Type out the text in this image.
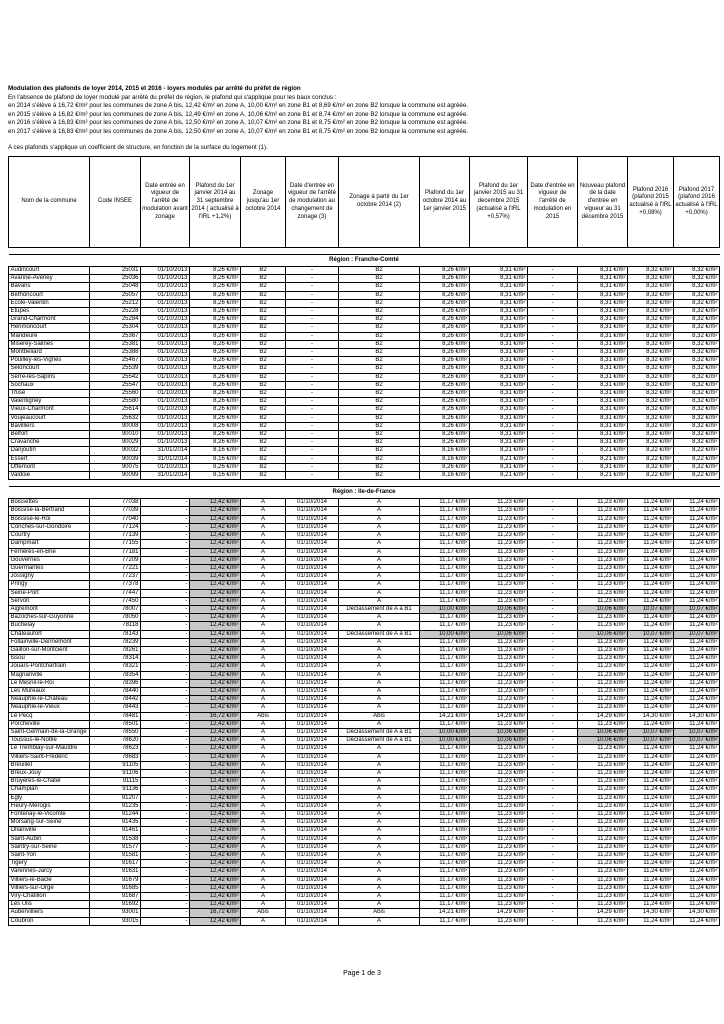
Modulation des plafonds de loyer 2014, 2015 et 2016 - loyers modulés par arrêté du préfet de région
En l'absence de plafond de loyer modulé par arrêté du préfet de région, le plafond qui s'applique pour les baux conclus :
en 2014 s'élève à 16,72 €/m² pour les communes de zone A bis, 12,42 €/m² en zone A, 10,00 €/m² en zone B1 et 8,69 €/m² en zone B2 lorsque la commune est agréée.
en 2015 s'élève à 16,82 €/m² pour les communes de zone A bis, 12,49 €/m² en zone A, 10,06 €/m² en zone B1 et 8,74 €/m² en zone B2 lorsque la commune est agréée.
en 2016 s'élève à 16,83 €/m² pour les communes de zone A bis, 12,50 €/m² en zone A, 10,07 €/m² en zone B1 et 8,75 €/m² en zone B2 lorsque la commune est agréée.
en 2017 s'élève à 16,83 €/m² pour les communes de zone A bis, 12,50 €/m² en zone A, 10,07 €/m² en zone B1 et 8,75 €/m² en zone B2 lorsque la commune est agréée.
A ces plafonds s'applique un coefficient de structure, en fonction de la surface du logement (1).
Nom de la commune	Code INSEE	Date entrée en vigueur de l'arrêté de modulation avant zonage	Plafond du 1er janvier 2014 au 31 septembre 2014 ( actualisé à l'IRL +1,2%)	Zonage jusqu'au 1er octobre 2014	Date d'entrée en vigueur de l'arrêté de modulation au changement de zonage (3)	Zonage à partir du 1er octobre 2014 (2)	Plafond du 1er octobre 2014 au 1er janvier 2015	Plafond du 1er janvier 2015 au 31 decembre 2015 (actualisé à l'IRL +0,57%)	Date d'entrée en vigueur de l'arrêté de modulation en 2015	Nouveau plafond de la date d'entrée en vigueur au 31 décembre 2015	Plafond 2016 (plafond 2015 actualisé à l'IRL +0,08%)	Plafond 2017 (plafond 2016 actualisé à l'IRL +0,00%)

Région : Franche-Comté												
Audincourt	25031	01/10/2013	8,26 €/m²	B2	-	B2	8,26 €/m²	8,31 €/m²	-	8,31 €/m²	8,32 €/m²	8,32 €/m²
Avanne-Aveney	25036	01/10/2013	8,26 €/m²	B2	-	B2	8,26 €/m²	8,31 €/m²	-	8,31 €/m²	8,32 €/m²	8,32 €/m²
Bavans	25048	01/10/2013	8,26 €/m²	B2	-	B2	8,26 €/m²	8,31 €/m²	-	8,31 €/m²	8,32 €/m²	8,32 €/m²
Bethoncourt	25057	01/10/2013	8,26 €/m²	B2	-	B2	8,26 €/m²	8,31 €/m²	-	8,31 €/m²	8,32 €/m²	8,32 €/m²
École-Valentin	25212	01/10/2013	8,26 €/m²	B2	-	B2	8,26 €/m²	8,31 €/m²	-	8,31 €/m²	8,32 €/m²	8,32 €/m²
Étupes	25228	01/10/2013	8,26 €/m²	B2	-	B2	8,26 €/m²	8,31 €/m²	-	8,31 €/m²	8,32 €/m²	8,32 €/m²
Grand-Charmont	25284	01/10/2013	8,26 €/m²	B2	-	B2	8,26 €/m²	8,31 €/m²	-	8,31 €/m²	8,32 €/m²	8,32 €/m²
Hérimoncourt	25304	01/10/2013	8,26 €/m²	B2	-	B2	8,26 €/m²	8,31 €/m²	-	8,31 €/m²	8,32 €/m²	8,32 €/m²
Mandeure	25367	01/10/2013	8,26 €/m²	B2	-	B2	8,26 €/m²	8,31 €/m²	-	8,31 €/m²	8,32 €/m²	8,32 €/m²
Miserey-Salines	25381	01/10/2013	8,26 €/m²	B2	-	B2	8,26 €/m²	8,31 €/m²	-	8,31 €/m²	8,32 €/m²	8,32 €/m²
Montbéliard	25388	01/10/2013	8,26 €/m²	B2	-	B2	8,26 €/m²	8,31 €/m²	-	8,31 €/m²	8,32 €/m²	8,32 €/m²
Pouilley-les-Vignes	25467	01/10/2013	8,26 €/m²	B2	-	B2	8,26 €/m²	8,31 €/m²	-	8,31 €/m²	8,32 €/m²	8,32 €/m²
Seloncourt	25539	01/10/2013	8,26 €/m²	B2	-	B2	8,26 €/m²	8,31 €/m²	-	8,31 €/m²	8,32 €/m²	8,32 €/m²
Serre-les-Sapins	25542	01/10/2013	8,26 €/m²	B2	-	B2	8,26 €/m²	8,31 €/m²	-	8,31 €/m²	8,32 €/m²	8,32 €/m²
Sochaux	25547	01/10/2013	8,26 €/m²	B2	-	B2	8,26 €/m²	8,31 €/m²	-	8,31 €/m²	8,32 €/m²	8,32 €/m²
Thise	25560	01/10/2013	8,26 €/m²	B2	-	B2	8,26 €/m²	8,31 €/m²	-	8,31 €/m²	8,32 €/m²	8,32 €/m²
Valentigney	25580	01/10/2013	8,26 €/m²	B2	-	B2	8,26 €/m²	8,31 €/m²	-	8,31 €/m²	8,32 €/m²	8,32 €/m²
Vieux-Charmont	25614	01/10/2013	8,26 €/m²	B2	-	B2	8,26 €/m²	8,31 €/m²	-	8,31 €/m²	8,32 €/m²	8,32 €/m²
Voujeaucourt	25632	01/10/2013	8,26 €/m²	B2	-	B2	8,26 €/m²	8,31 €/m²	-	8,31 €/m²	8,32 €/m²	8,32 €/m²
Bavilliers	90008	01/10/2013	8,26 €/m²	B2	-	B2	8,26 €/m²	8,31 €/m²	-	8,31 €/m²	8,32 €/m²	8,32 €/m²
Belfort	90010	01/10/2013	8,26 €/m²	B2	-	B2	8,26 €/m²	8,31 €/m²	-	8,31 €/m²	8,32 €/m²	8,32 €/m²
Cravanche	90029	01/10/2013	8,26 €/m²	B2	-	B2	8,26 €/m²	8,31 €/m²	-	8,31 €/m²	8,32 €/m²	8,32 €/m²
Danjoutin	90032	31/01/2014	8,16 €/m²	B2	-	B2	8,16 €/m²	8,21 €/m²	-	8,21 €/m²	8,22 €/m²	8,22 €/m²
Essert	90039	31/01/2014	8,16 €/m²	B2	-	B2	8,16 €/m²	8,21 €/m²	-	8,21 €/m²	8,22 €/m²	8,22 €/m²
Offemont	90075	01/10/2013	8,26 €/m²	B2	-	B2	8,26 €/m²	8,31 €/m²	-	8,31 €/m²	8,32 €/m²	8,32 €/m²
Valdoie	90099	31/01/2014	8,16 €/m²	B2	-	B2	8,16 €/m²	8,21 €/m²	-	8,21 €/m²	8,22 €/m²	8,22 €/m²

Région : Ile-de-France												
Boissettes	77038	-	12,42 €/m²	A	01/10/2014	A	11,17 €/m²	11,23 €/m²	-	11,23 €/m²	11,24 €/m²	11,24 €/m²
Boissise-la-Bertrand	77039	-	12,42 €/m²	A	01/10/2014	A	11,17 €/m²	11,23 €/m²	-	11,23 €/m²	11,24 €/m²	11,24 €/m²
Boissise-le-Roi	77040	-	12,42 €/m²	A	01/10/2014	A	11,17 €/m²	11,23 €/m²	-	11,23 €/m²	11,24 €/m²	11,24 €/m²
Conches-sur-Gondoire	77124	-	12,42 €/m²	A	01/10/2014	A	11,17 €/m²	11,23 €/m²	-	11,23 €/m²	11,24 €/m²	11,24 €/m²
Courtry	77139	-	12,42 €/m²	A	01/10/2014	A	11,17 €/m²	11,23 €/m²	-	11,23 €/m²	11,24 €/m²	11,24 €/m²
Dampmart	77155	-	12,42 €/m²	A	01/10/2014	A	11,17 €/m²	11,23 €/m²	-	11,23 €/m²	11,24 €/m²	11,24 €/m²
Ferrières-en-Brie	77181	-	12,42 €/m²	A	01/10/2014	A	11,17 €/m²	11,23 €/m²	-	11,23 €/m²	11,24 €/m²	11,24 €/m²
Gouvernes	77209	-	12,42 €/m²	A	01/10/2014	A	11,17 €/m²	11,23 €/m²	-	11,23 €/m²	11,24 €/m²	11,24 €/m²
Guermantes	77221	-	12,42 €/m²	A	01/10/2014	A	11,17 €/m²	11,23 €/m²	-	11,23 €/m²	11,24 €/m²	11,24 €/m²
Jossigny	77237	-	12,42 €/m²	A	01/10/2014	A	11,17 €/m²	11,23 €/m²	-	11,23 €/m²	11,24 €/m²	11,24 €/m²
Pringy	77378	-	12,42 €/m²	A	01/10/2014	A	11,17 €/m²	11,23 €/m²	-	11,23 €/m²	11,24 €/m²	11,24 €/m²
Seine-Port	77447	-	12,42 €/m²	A	01/10/2014	A	11,17 €/m²	11,23 €/m²	-	11,23 €/m²	11,24 €/m²	11,24 €/m²
Servon	77450	-	12,42 €/m²	A	01/10/2014	A	11,17 €/m²	11,23 €/m²	-	11,23 €/m²	11,24 €/m²	11,24 €/m²
Aigremont	78007	-	12,42 €/m²	A	01/10/2014	Déclassement de A à B1	10,00 €/m²	10,06 €/m²	-	10,06 €/m²	10,07 €/m²	10,07 €/m²
Bazoches-sur-Guyonne	78050	-	12,42 €/m²	A	01/10/2014	A	11,17 €/m²	11,23 €/m²	-	11,23 €/m²	11,24 €/m²	11,24 €/m²
Buchelay	78118	-	12,42 €/m²	A	01/10/2014	A	11,17 €/m²	11,23 €/m²	-	11,23 €/m²	11,24 €/m²	11,24 €/m²
Châteaufort	78143	-	12,42 €/m²	A	01/10/2014	Déclassement de A à B1	10,00 €/m²	10,06 €/m²	-	10,06 €/m²	10,07 €/m²	10,07 €/m²
Follainville-Dennemont	78239	-	12,42 €/m²	A	01/10/2014	A	11,17 €/m²	11,23 €/m²	-	11,23 €/m²	11,24 €/m²	11,24 €/m²
Gaillon-sur-Montcient	78261	-	12,42 €/m²	A	01/10/2014	A	11,17 €/m²	11,23 €/m²	-	11,23 €/m²	11,24 €/m²	11,24 €/m²
Issou	78314	-	12,42 €/m²	A	01/10/2014	A	11,17 €/m²	11,23 €/m²	-	11,23 €/m²	11,24 €/m²	11,24 €/m²
Jouars-Pontchartrain	78321	-	12,42 €/m²	A	01/10/2014	A	11,17 €/m²	11,23 €/m²	-	11,23 €/m²	11,24 €/m²	11,24 €/m²
Magnanville	78354	-	12,42 €/m²	A	01/10/2014	A	11,17 €/m²	11,23 €/m²	-	11,23 €/m²	11,24 €/m²	11,24 €/m²
Le Mesnil-le-Roi	78396	-	12,42 €/m²	A	01/10/2014	A	11,17 €/m²	11,23 €/m²	-	11,23 €/m²	11,24 €/m²	11,24 €/m²
Les Mureaux	78440	-	12,42 €/m²	A	01/10/2014	A	11,17 €/m²	11,23 €/m²	-	11,23 €/m²	11,24 €/m²	11,24 €/m²
Neauphle-le-Château	78442	-	12,42 €/m²	A	01/10/2014	A	11,17 €/m²	11,23 €/m²	-	11,23 €/m²	11,24 €/m²	11,24 €/m²
Neauphle-le-Vieux	78443	-	12,42 €/m²	A	01/10/2014	A	11,17 €/m²	11,23 €/m²	-	11,23 €/m²	11,24 €/m²	11,24 €/m²
Le Pecq	78481	-	16,72 €/m²	Abis	01/10/2014	Abis	14,21 €/m²	14,29 €/m²	-	14,29 €/m²	14,30 €/m²	14,30 €/m²
Porcheville	78501	-	12,42 €/m²	A	01/10/2014	A	11,17 €/m²	11,23 €/m²	-	11,23 €/m²	11,24 €/m²	11,24 €/m²
Saint-Germain-de-la-Grange	78550	-	12,42 €/m²	A	01/10/2014	Déclassement de A à B1	10,00 €/m²	10,06 €/m²	-	10,06 €/m²	10,07 €/m²	10,07 €/m²
Toussus-le-Noble	78620	-	12,42 €/m²	A	01/10/2014	Déclassement de A à B1	10,00 €/m²	10,06 €/m²	-	10,06 €/m²	10,07 €/m²	10,07 €/m²
Le Tremblay-sur-Mauldre	78623	-	12,42 €/m²	A	01/10/2014	A	11,17 €/m²	11,23 €/m²	-	11,23 €/m²	11,24 €/m²	11,24 €/m²
Villiers-Saint-Frédéric	78683	-	12,42 €/m²	A	01/10/2014	A	11,17 €/m²	11,23 €/m²	-	11,23 €/m²	11,24 €/m²	11,24 €/m²
Breuillet	91105	-	12,42 €/m²	A	01/10/2014	A	11,17 €/m²	11,23 €/m²	-	11,23 €/m²	11,24 €/m²	11,24 €/m²
Breux-Jouy	91106	-	12,42 €/m²	A	01/10/2014	A	11,17 €/m²	11,23 €/m²	-	11,23 €/m²	11,24 €/m²	11,24 €/m²
Bruyères-le-Châtel	91115	-	12,42 €/m²	A	01/10/2014	A	11,17 €/m²	11,23 €/m²	-	11,23 €/m²	11,24 €/m²	11,24 €/m²
Champlan	91136	-	12,42 €/m²	A	01/10/2014	A	11,17 €/m²	11,23 €/m²	-	11,23 €/m²	11,24 €/m²	11,24 €/m²
Égly	91207	-	12,42 €/m²	A	01/10/2014	A	11,17 €/m²	11,23 €/m²	-	11,23 €/m²	11,24 €/m²	11,24 €/m²
Fleury-Mérogis	91235	-	12,42 €/m²	A	01/10/2014	A	11,17 €/m²	11,23 €/m²	-	11,23 €/m²	11,24 €/m²	11,24 €/m²
Fontenay-le-Vicomte	91244	-	12,42 €/m²	A	01/10/2014	A	11,17 €/m²	11,23 €/m²	-	11,23 €/m²	11,24 €/m²	11,24 €/m²
Morsang-sur-Seine	91435	-	12,42 €/m²	A	01/10/2014	A	11,17 €/m²	11,23 €/m²	-	11,23 €/m²	11,24 €/m²	11,24 €/m²
Ollainville	91461	-	12,42 €/m²	A	01/10/2014	A	11,17 €/m²	11,23 €/m²	-	11,23 €/m²	11,24 €/m²	11,24 €/m²
Saint-Aubin	91538	-	12,42 €/m²	A	01/10/2014	A	11,17 €/m²	11,23 €/m²	-	11,23 €/m²	11,24 €/m²	11,24 €/m²
Saintry-sur-Seine	91577	-	12,42 €/m²	A	01/10/2014	A	11,17 €/m²	11,23 €/m²	-	11,23 €/m²	11,24 €/m²	11,24 €/m²
Saint-Yon	91581	-	12,42 €/m²	A	01/10/2014	A	11,17 €/m²	11,23 €/m²	-	11,23 €/m²	11,24 €/m²	11,24 €/m²
Tigery	91617	-	12,42 €/m²	A	01/10/2014	A	11,17 €/m²	11,23 €/m²	-	11,23 €/m²	11,24 €/m²	11,24 €/m²
Varennes-Jarcy	91631	-	12,42 €/m²	A	01/10/2014	A	11,17 €/m²	11,23 €/m²	-	11,23 €/m²	11,24 €/m²	11,24 €/m²
Villiers-le-Bâcle	91679	-	12,42 €/m²	A	01/10/2014	A	11,17 €/m²	11,23 €/m²	-	11,23 €/m²	11,24 €/m²	11,24 €/m²
Villiers-sur-Orge	91685	-	12,42 €/m²	A	01/10/2014	A	11,17 €/m²	11,23 €/m²	-	11,23 €/m²	11,24 €/m²	11,24 €/m²
Viry-Châtillon	91687	-	12,42 €/m²	A	01/10/2014	A	11,17 €/m²	11,23 €/m²	-	11,23 €/m²	11,24 €/m²	11,24 €/m²
Les Ulis	91692	-	12,42 €/m²	A	01/10/2014	A	11,17 €/m²	11,23 €/m²	-	11,23 €/m²	11,24 €/m²	11,24 €/m²
Aubervilliers	93001	-	16,72 €/m²	Abis	01/10/2014	Abis	14,21 €/m²	14,29 €/m²	-	14,29 €/m²	14,30 €/m²	14,30 €/m²
Coubron	93015	-	12,42 €/m²	A	01/10/2014	A	11,17 €/m²	11,23 €/m²	-	11,23 €/m²	11,24 €/m²	11,24 €/m²
Page 1 de 3
